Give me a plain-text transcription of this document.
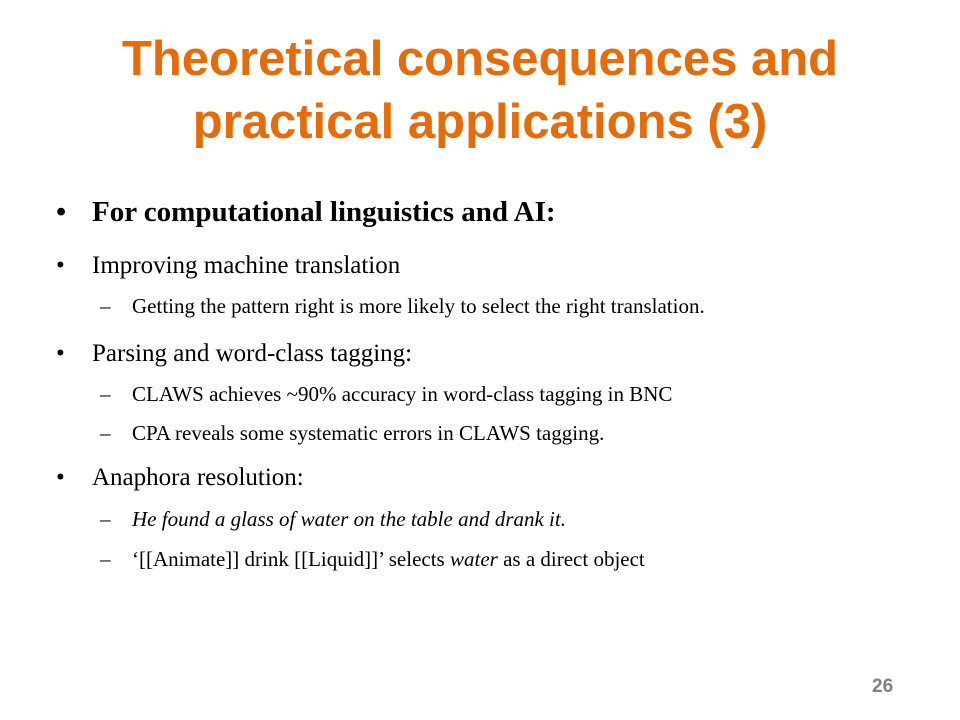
Theoretical consequences and
practical applications (3)
• For computational linguistics and AI:
• Improving machine translation
– Getting the pattern right is more likely to select the right translation.
• Parsing and word-class tagging:
– CLAWS achieves ~90% accuracy in word-class tagging in BNC
– CPA reveals some systematic errors in CLAWS tagging.
• Anaphora resolution:
– He found a glass of water on the table and drank it.
– ‘[[Animate]] drink [[Liquid]]’ selects water as a direct object
26
